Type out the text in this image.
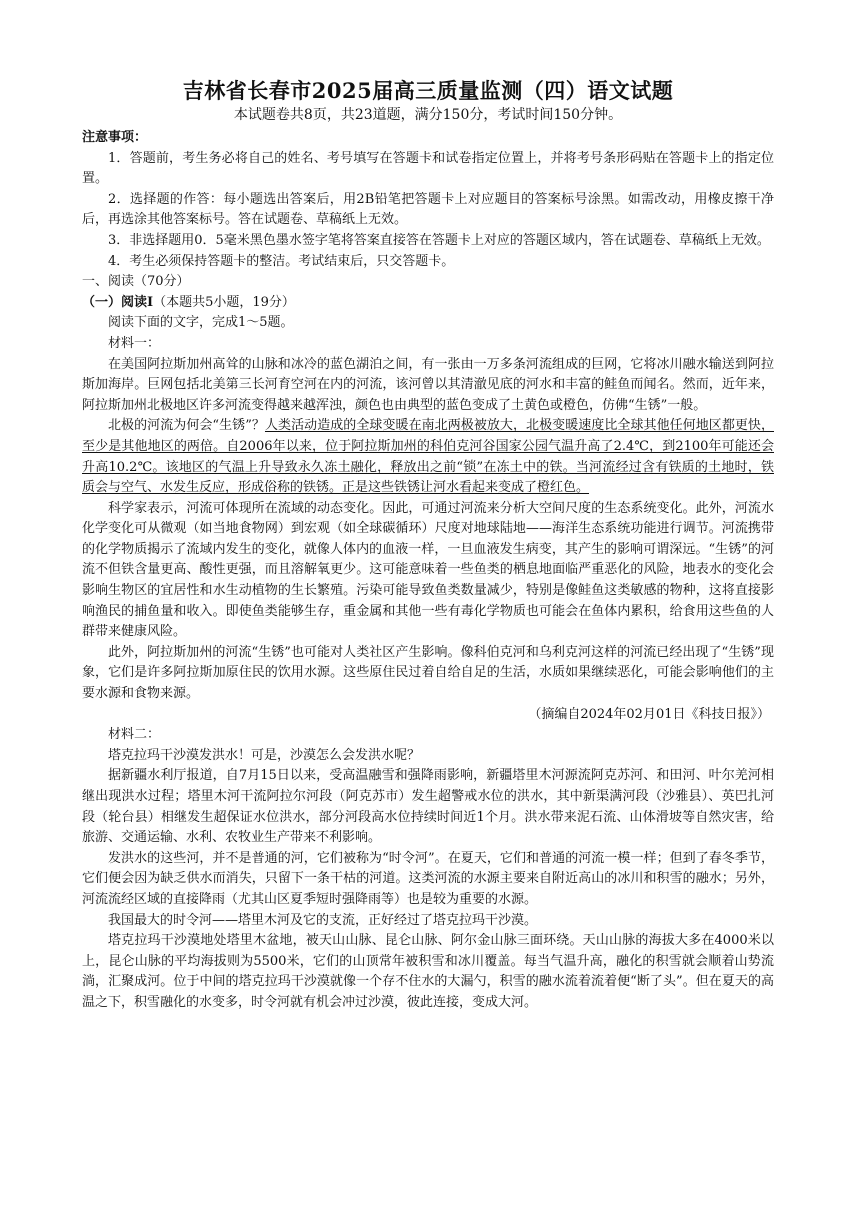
吉林省长春市2025届高三质量监测（四）语文试题
本试题卷共8页，共23道题，满分150分，考试时间150分钟。

注意事项：

1．答题前，考生务必将自己的姓名、考号填写在答题卡和试卷指定位置上，并将考号条形码贴在答题卡上的指定位置。

2．选择题的作答：每小题选出答案后，用2B铅笔把答题卡上对应题目的答案标号涂黑。如需改动，用橡皮擦干净后，再选涂其他答案标号。答在试题卷、草稿纸上无效。

3．非选择题用0．5毫米黑色墨水签字笔将答案直接答在答题卡上对应的答题区域内，答在试题卷、草稿纸上无效。

4．考生必须保持答题卡的整洁。考试结束后，只交答题卡。

一、阅读（70分）

（一）阅读Ⅰ（本题共5小题，19分）

阅读下面的文字，完成1～5题。

材料一：

在美国阿拉斯加州高耸的山脉和冰冷的蓝色湖泊之间，有一张由一万多条河流组成的巨网，它将冰川融水输送到阿拉斯加海岸。巨网包括北美第三长河育空河在内的河流，该河曾以其清澈见底的河水和丰富的鲑鱼而闻名。然而，近年来，阿拉斯加州北极地区许多河流变得越来越浑浊，颜色也由典型的蓝色变成了土黄色或橙色，仿佛“生锈”一般。

北极的河流为何会“生锈”？人类活动造成的全球变暖在南北两极被放大，北极变暖速度比全球其他任何地区都更快，至少是其他地区的两倍。自2006年以来，位于阿拉斯加州的科伯克河谷国家公园气温升高了2.4℃，到2100年可能还会升高10.2℃。该地区的气温上升导致永久冻土融化，释放出之前“锁”在冻土中的铁。当河流经过含有铁质的土地时，铁质会与空气、水发生反应，形成俗称的铁锈。正是这些铁锈让河水看起来变成了橙红色。

科学家表示，河流可体现所在流域的动态变化。因此，可通过河流来分析大空间尺度的生态系统变化。此外，河流水化学变化可从微观（如当地食物网）到宏观（如全球碳循环）尺度对地球陆地——海洋生态系统功能进行调节。河流携带的化学物质揭示了流域内发生的变化，就像人体内的血液一样，一旦血液发生病变，其产生的影响可谓深远。“生锈”的河流不但铁含量更高、酸性更强，而且溶解氧更少。这可能意味着一些鱼类的栖息地面临严重恶化的风险，地表水的变化会影响生物区的宜居性和水生动植物的生长繁殖。污染可能导致鱼类数量减少，特别是像鲑鱼这类敏感的物种，这将直接影响渔民的捕鱼量和收入。即使鱼类能够生存，重金属和其他一些有毒化学物质也可能会在鱼体内累积，给食用这些鱼的人群带来健康风险。

此外，阿拉斯加州的河流“生锈”也可能对人类社区产生影响。像科伯克河和乌利克河这样的河流已经出现了“生锈”现象，它们是许多阿拉斯加原住民的饮用水源。这些原住民过着自给自足的生活，水质如果继续恶化，可能会影响他们的主要水源和食物来源。

（摘编自2024年02月01日《科技日报》）

材料二：

塔克拉玛干沙漠发洪水！可是，沙漠怎么会发洪水呢？

据新疆水利厅报道，自7月15日以来，受高温融雪和强降雨影响，新疆塔里木河源流阿克苏河、和田河、叶尔羌河相继出现洪水过程；塔里木河干流阿拉尔河段（阿克苏市）发生超警戒水位的洪水，其中新渠满河段（沙雅县）、英巴扎河段（轮台县）相继发生超保证水位洪水，部分河段高水位持续时间近1个月。洪水带来泥石流、山体滑坡等自然灾害，给旅游、交通运输、水利、农牧业生产带来不利影响。

发洪水的这些河，并不是普通的河，它们被称为“时令河”。在夏天，它们和普通的河流一模一样；但到了春冬季节，它们便会因为缺乏供水而消失，只留下一条干枯的河道。这类河流的水源主要来自附近高山的冰川和积雪的融水；另外，河流流经区域的直接降雨（尤其山区夏季短时强降雨等）也是较为重要的水源。

我国最大的时令河——塔里木河及它的支流，正好经过了塔克拉玛干沙漠。

塔克拉玛干沙漠地处塔里木盆地，被天山山脉、昆仑山脉、阿尔金山脉三面环绕。天山山脉的海拔大多在4000米以上，昆仑山脉的平均海拔则为5500米，它们的山顶常年被积雪和冰川覆盖。每当气温升高，融化的积雪就会顺着山势流淌，汇聚成河。位于中间的塔克拉玛干沙漠就像一个存不住水的大漏勺，积雪的融水流着流着便“断了头”。但在夏天的高温之下，积雪融化的水变多，时令河就有机会冲过沙漠，彼此连接，变成大河。
